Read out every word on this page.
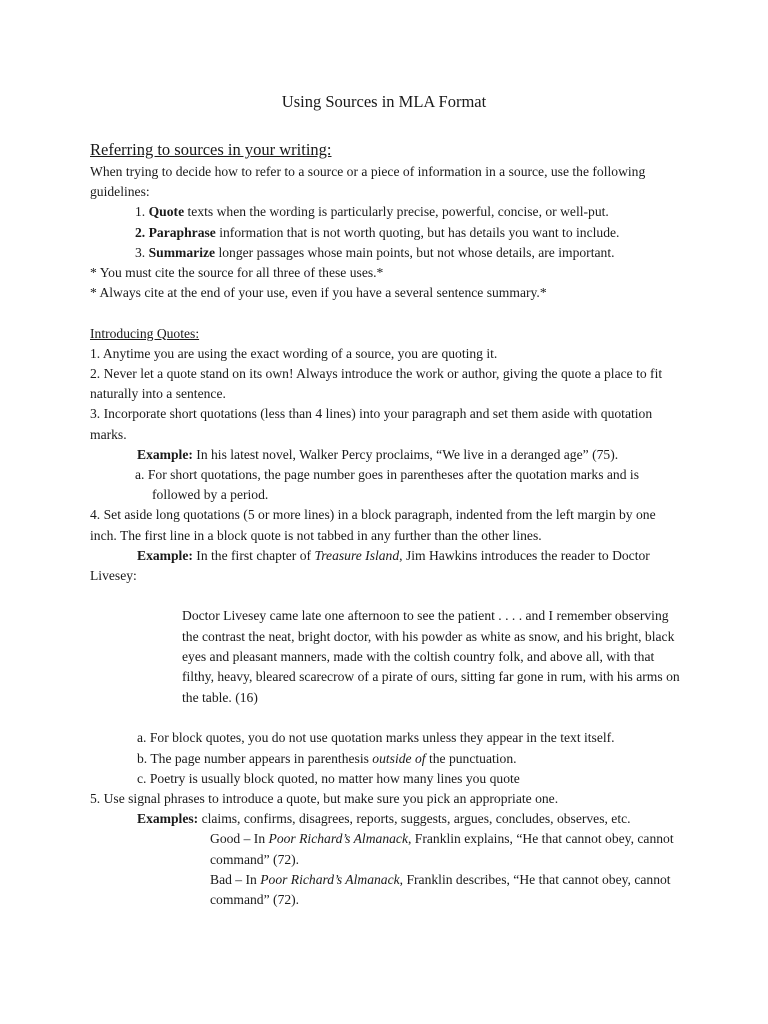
Using Sources in MLA Format
Referring to sources in your writing:

When trying to decide how to refer to a source or a piece of information in a source, use the following guidelines:

1. Quote texts when the wording is particularly precise, powerful, concise, or well-put.

2. Paraphrase information that is not worth quoting, but has details you want to include.

3. Summarize longer passages whose main points, but not whose details, are important.

* You must cite the source for all three of these uses.*

* Always cite at the end of your use, even if you have a several sentence summary.*

Introducing Quotes:

1. Anytime you are using the exact wording of a source, you are quoting it.

2. Never let a quote stand on its own! Always introduce the work or author, giving the quote a place to fit naturally into a sentence.

3. Incorporate short quotations (less than 4 lines) into your paragraph and set them aside with quotation marks.

Example: In his latest novel, Walker Percy proclaims, “We live in a deranged age” (75).

a. For short quotations, the page number goes in parentheses after the quotation marks and is followed by a period.

4. Set aside long quotations (5 or more lines) in a block paragraph, indented from the left margin by one inch. The first line in a block quote is not tabbed in any further than the other lines.

Example: In the first chapter of Treasure Island, Jim Hawkins introduces the reader to Doctor Livesey:

Doctor Livesey came late one afternoon to see the patient . . . . and I remember observing the contrast the neat, bright doctor, with his powder as white as snow, and his bright, black eyes and pleasant manners, made with the coltish country folk, and above all, with that filthy, heavy, bleared scarecrow of a pirate of ours, sitting far gone in rum, with his arms on the table. (16)

a. For block quotes, you do not use quotation marks unless they appear in the text itself.

b. The page number appears in parenthesis outside of the punctuation.

c. Poetry is usually block quoted, no matter how many lines you quote

5. Use signal phrases to introduce a quote, but make sure you pick an appropriate one.

Examples: claims, confirms, disagrees, reports, suggests, argues, concludes, observes, etc.

Good – In Poor Richard’s Almanack, Franklin explains, “He that cannot obey, cannot command” (72).

Bad – In Poor Richard’s Almanack, Franklin describes, “He that cannot obey, cannot command” (72).
